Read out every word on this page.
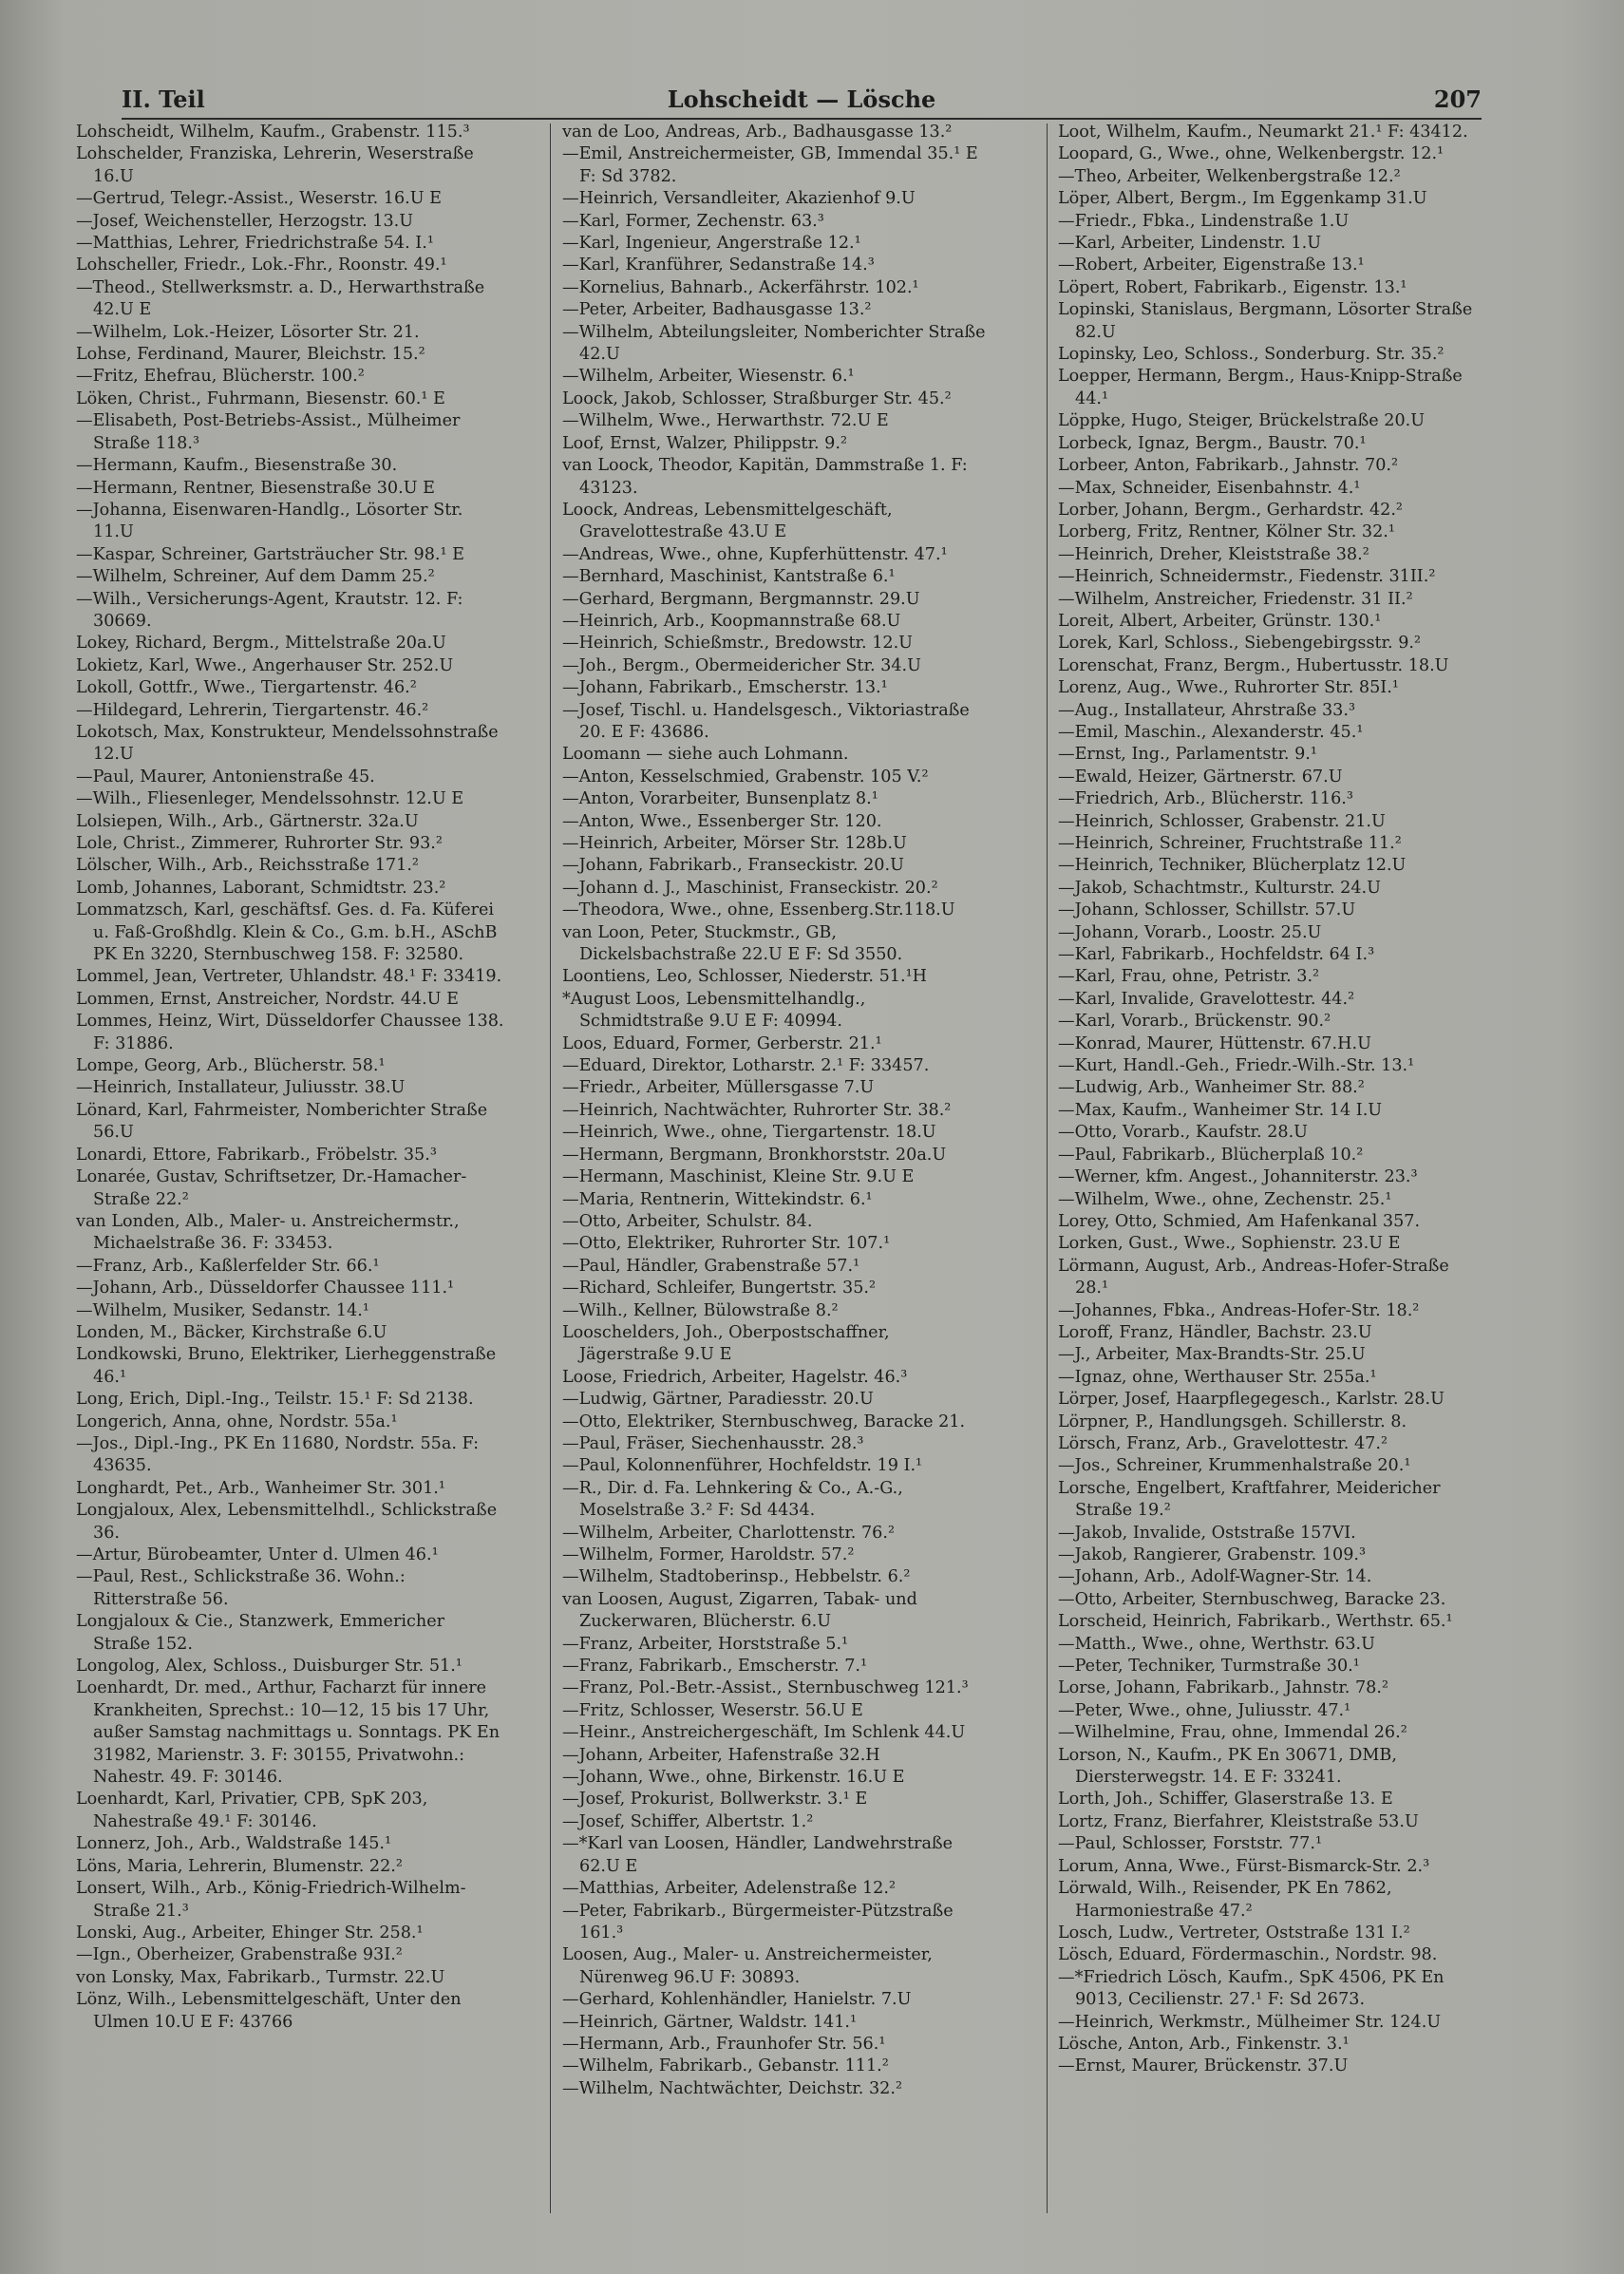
II. Teil	Lohscheidt — Lösche	207
Lohscheidt, Wilhelm, Kaufm., Grabenstr. 115.³
Lohschelder, Franziska, Lehrerin, Weserstraße 16.U
—Gertrud, Telegr.-Assist., Weserstr. 16.U E
—Josef, Weichensteller, Herzogstr. 13.U
—Matthias, Lehrer, Friedrichstraße 54. I.¹
Lohscheller, Friedr., Lok.-Fhr., Roonstr. 49.¹
—Theod., Stellwerksmstr. a. D., Herwarthstraße 42.U E
—Wilhelm, Lok.-Heizer, Lösorter Str. 21.
Lohse, Ferdinand, Maurer, Bleichstr. 15.²
—Fritz, Ehefrau, Blücherstr. 100.²
Löken, Christ., Fuhrmann, Biesenstr. 60.¹ E
—Elisabeth, Post-Betriebs-Assist., Mülheimer Straße 118.³
—Hermann, Kaufm., Biesenstraße 30.
—Hermann, Rentner, Biesenstraße 30.U E
—Johanna, Eisenwaren-Handlg., Lösorter Str. 11.U
—Kaspar, Schreiner, Gartsträucher Str. 98.¹ E
—Wilhelm, Schreiner, Auf dem Damm 25.²
—Wilh., Versicherungs-Agent, Krautstr. 12. F: 30669.
Lokey, Richard, Bergm., Mittelstraße 20a.U
Lokietz, Karl, Wwe., Angerhauser Str. 252.U
Lokoll, Gottfr., Wwe., Tiergartenstr. 46.²
—Hildegard, Lehrerin, Tiergartenstr. 46.²
Lokotsch, Max, Konstrukteur, Mendelssohnstraße 12.U
—Paul, Maurer, Antonienstraße 45.
—Wilh., Fliesenleger, Mendelssohnstr. 12.U E
Lolsiepen, Wilh., Arb., Gärtnerstr. 32a.U
Lole, Christ., Zimmerer, Ruhrorter Str. 93.²
Lölscher, Wilh., Arb., Reichsstraße 171.²
Lomb, Johannes, Laborant, Schmidtstr. 23.²
Lommatzsch, Karl, geschäftsf. Ges. d. Fa. Küferei u. Faß-Großhdlg. Klein & Co., G.m. b.H., ASchB PK En 3220, Sternbuschweg 158. F: 32580.
Lommel, Jean, Vertreter, Uhlandstr. 48.¹ F: 33419.
Lommen, Ernst, Anstreicher, Nordstr. 44.U E
Lommes, Heinz, Wirt, Düsseldorfer Chaussee 138. F: 31886.
Lompe, Georg, Arb., Blücherstr. 58.¹
—Heinrich, Installateur, Juliusstr. 38.U
Lönard, Karl, Fahrmeister, Nomberichter Straße 56.U
Lonardi, Ettore, Fabrikarb., Fröbelstr. 35.³
Lonarée, Gustav, Schriftsetzer, Dr.-Hamacher-Straße 22.²
van Londen, Alb., Maler- u. Anstreichermstr., Michaelstraße 36. F: 33453.
—Franz, Arb., Kaßlerfelder Str. 66.¹
—Johann, Arb., Düsseldorfer Chaussee 111.¹
—Wilhelm, Musiker, Sedanstr. 14.¹
Londen, M., Bäcker, Kirchstraße 6.U
Londkowski, Bruno, Elektriker, Lierheggenstraße 46.¹
Long, Erich, Dipl.-Ing., Teilstr. 15.¹ F: Sd 2138.
Longerich, Anna, ohne, Nordstr. 55a.¹
—Jos., Dipl.-Ing., PK En 11680, Nordstr. 55a. F: 43635.
Longhardt, Pet., Arb., Wanheimer Str. 301.¹
Longjaloux, Alex, Lebensmittelhdl., Schlickstraße 36.
—Artur, Bürobeamter, Unter d. Ulmen 46.¹
—Paul, Rest., Schlickstraße 36. Wohn.: Ritterstraße 56.
Longjaloux & Cie., Stanzwerk, Emmericher Straße 152.
Longolog, Alex, Schloss., Duisburger Str. 51.¹
Loenhardt, Dr. med., Arthur, Facharzt für innere Krankheiten, Sprechst.: 10—12, 15 bis 17 Uhr, außer Samstag nachmittags u. Sonntags. PK En 31982, Marienstr. 3. F: 30155, Privatwohn.: Nahestr. 49. F: 30146.
Loenhardt, Karl, Privatier, CPB, SpK 203, Nahestraße 49.¹ F: 30146.
Lonnerz, Joh., Arb., Waldstraße 145.¹
Löns, Maria, Lehrerin, Blumenstr. 22.²
Lonsert, Wilh., Arb., König-Friedrich-Wilhelm-Straße 21.³
Lonski, Aug., Arbeiter, Ehinger Str. 258.¹
—Ign., Oberheizer, Grabenstraße 93I.²
von Lonsky, Max, Fabrikarb., Turmstr. 22.U
Lönz, Wilh., Lebensmittelgeschäft, Unter den Ulmen 10.U E F: 43766
van de Loo, Andreas, Arb., Badhausgasse 13.²
—Emil, Anstreichermeister, GB, Immendal 35.¹ E F: Sd 3782.
—Heinrich, Versandleiter, Akazienhof 9.U
—Karl, Former, Zechenstr. 63.³
—Karl, Ingenieur, Angerstraße 12.¹
—Karl, Kranführer, Sedanstraße 14.³
—Kornelius, Bahnarb., Ackerfährstr. 102.¹
—Peter, Arbeiter, Badhausgasse 13.²
—Wilhelm, Abteilungsleiter, Nomberichter Straße 42.U
—Wilhelm, Arbeiter, Wiesenstr. 6.¹
Loock, Jakob, Schlosser, Straßburger Str. 45.²
—Wilhelm, Wwe., Herwarthstr. 72.U E
Loof, Ernst, Walzer, Philippstr. 9.²
van Loock, Theodor, Kapitän, Dammstraße 1. F: 43123.
Loock, Andreas, Lebensmittelgeschäft, Gravelottestraße 43.U E
—Andreas, Wwe., ohne, Kupferhüttenstr. 47.¹
—Bernhard, Maschinist, Kantstraße 6.¹
—Gerhard, Bergmann, Bergmannstr. 29.U
—Heinrich, Arb., Koopmannstraße 68.U
—Heinrich, Schießmstr., Bredowstr. 12.U
—Joh., Bergm., Obermeidericher Str. 34.U
—Johann, Fabrikarb., Emscherstr. 13.¹
—Josef, Tischl. u. Handelsgesch., Viktoriastraße 20. E F: 43686.
Loomann — siehe auch Lohmann.
—Anton, Kesselschmied, Grabenstr. 105 V.²
—Anton, Vorarbeiter, Bunsenplatz 8.¹
—Anton, Wwe., Essenberger Str. 120.
—Heinrich, Arbeiter, Mörser Str. 128b.U
—Johann, Fabrikarb., Franseckistr. 20.U
—Johann d. J., Maschinist, Franseckistr. 20.²
—Theodora, Wwe., ohne, Essenberg.Str.118.U
van Loon, Peter, Stuckmstr., GB, Dickelsbachstraße 22.U E F: Sd 3550.
Loontiens, Leo, Schlosser, Niederstr. 51.¹H
*August Loos, Lebensmittelhandlg., Schmidtstraße 9.U E F: 40994.
Loos, Eduard, Former, Gerberstr. 21.¹
—Eduard, Direktor, Lotharstr. 2.¹ F: 33457.
—Friedr., Arbeiter, Müllersgasse 7.U
—Heinrich, Nachtwächter, Ruhrorter Str. 38.²
—Heinrich, Wwe., ohne, Tiergartenstr. 18.U
—Hermann, Bergmann, Bronkhorststr. 20a.U
—Hermann, Maschinist, Kleine Str. 9.U E
—Maria, Rentnerin, Wittekindstr. 6.¹
—Otto, Arbeiter, Schulstr. 84.
—Otto, Elektriker, Ruhrorter Str. 107.¹
—Paul, Händler, Grabenstraße 57.¹
—Richard, Schleifer, Bungertstr. 35.²
—Wilh., Kellner, Bülowstraße 8.²
Looschelders, Joh., Oberpostschaffner, Jägerstraße 9.U E
Loose, Friedrich, Arbeiter, Hagelstr. 46.³
—Ludwig, Gärtner, Paradiesstr. 20.U
—Otto, Elektriker, Sternbuschweg, Baracke 21.
—Paul, Fräser, Siechenhausstr. 28.³
—Paul, Kolonnenführer, Hochfeldstr. 19 I.¹
—R., Dir. d. Fa. Lehnkering & Co., A.-G., Moselstraße 3.² F: Sd 4434.
—Wilhelm, Arbeiter, Charlottenstr. 76.²
—Wilhelm, Former, Haroldstr. 57.²
—Wilhelm, Stadtoberinsp., Hebbelstr. 6.²
van Loosen, August, Zigarren, Tabak- und Zuckerwaren, Blücherstr. 6.U
—Franz, Arbeiter, Horststraße 5.¹
—Franz, Fabrikarb., Emscherstr. 7.¹
—Franz, Pol.-Betr.-Assist., Sternbuschweg 121.³
—Fritz, Schlosser, Weserstr. 56.U E
—Heinr., Anstreichergeschäft, Im Schlenk 44.U
—Johann, Arbeiter, Hafenstraße 32.H
—Johann, Wwe., ohne, Birkenstr. 16.U E
—Josef, Prokurist, Bollwerkstr. 3.¹ E
—Josef, Schiffer, Albertstr. 1.²
—*Karl van Loosen, Händler, Landwehrstraße 62.U E
—Matthias, Arbeiter, Adelenstraße 12.²
—Peter, Fabrikarb., Bürgermeister-Pützstraße 161.³
Loosen, Aug., Maler- u. Anstreichermeister, Nürenweg 96.U F: 30893.
—Gerhard, Kohlenhändler, Hanielstr. 7.U
—Heinrich, Gärtner, Waldstr. 141.¹
—Hermann, Arb., Fraunhofer Str. 56.¹
—Wilhelm, Fabrikarb., Gebanstr. 111.²
—Wilhelm, Nachtwächter, Deichstr. 32.²
Loot, Wilhelm, Kaufm., Neumarkt 21.¹ F: 43412.
Loopard, G., Wwe., ohne, Welkenbergstr. 12.¹
—Theo, Arbeiter, Welkenbergstraße 12.²
Löper, Albert, Bergm., Im Eggenkamp 31.U
—Friedr., Fbka., Lindenstraße 1.U
—Karl, Arbeiter, Lindenstr. 1.U
—Robert, Arbeiter, Eigenstraße 13.¹
Löpert, Robert, Fabrikarb., Eigenstr. 13.¹
Lopinski, Stanislaus, Bergmann, Lösorter Straße 82.U
Lopinsky, Leo, Schloss., Sonderburg. Str. 35.²
Loepper, Hermann, Bergm., Haus-Knipp-Straße 44.¹
Löppke, Hugo, Steiger, Brückelstraße 20.U
Lorbeck, Ignaz, Bergm., Baustr. 70.¹
Lorbeer, Anton, Fabrikarb., Jahnstr. 70.²
—Max, Schneider, Eisenbahnstr. 4.¹
Lorber, Johann, Bergm., Gerhardstr. 42.²
Lorberg, Fritz, Rentner, Kölner Str. 32.¹
—Heinrich, Dreher, Kleiststraße 38.²
—Heinrich, Schneidermstr., Fiedenstr. 31II.²
—Wilhelm, Anstreicher, Friedenstr. 31 II.²
Loreit, Albert, Arbeiter, Grünstr. 130.¹
Lorek, Karl, Schloss., Siebengebirgsstr. 9.²
Lorenschat, Franz, Bergm., Hubertusstr. 18.U
Lorenz, Aug., Wwe., Ruhrorter Str. 85I.¹
—Aug., Installateur, Ahrstraße 33.³
—Emil, Maschin., Alexanderstr. 45.¹
—Ernst, Ing., Parlamentstr. 9.¹
—Ewald, Heizer, Gärtnerstr. 67.U
—Friedrich, Arb., Blücherstr. 116.³
—Heinrich, Schlosser, Grabenstr. 21.U
—Heinrich, Schreiner, Fruchtstraße 11.²
—Heinrich, Techniker, Blücherplatz 12.U
—Jakob, Schachtmstr., Kulturstr. 24.U
—Johann, Schlosser, Schillstr. 57.U
—Johann, Vorarb., Loostr. 25.U
—Karl, Fabrikarb., Hochfeldstr. 64 I.³
—Karl, Frau, ohne, Petristr. 3.²
—Karl, Invalide, Gravelottestr. 44.²
—Karl, Vorarb., Brückenstr. 90.²
—Konrad, Maurer, Hüttenstr. 67.H.U
—Kurt, Handl.-Geh., Friedr.-Wilh.-Str. 13.¹
—Ludwig, Arb., Wanheimer Str. 88.²
—Max, Kaufm., Wanheimer Str. 14 I.U
—Otto, Vorarb., Kaufstr. 28.U
—Paul, Fabrikarb., Blücherplaß 10.²
—Werner, kfm. Angest., Johanniterstr. 23.³
—Wilhelm, Wwe., ohne, Zechenstr. 25.¹
Lorey, Otto, Schmied, Am Hafenkanal 357.
Lorken, Gust., Wwe., Sophienstr. 23.U E
Lörmann, August, Arb., Andreas-Hofer-Straße 28.¹
—Johannes, Fbka., Andreas-Hofer-Str. 18.²
Loroff, Franz, Händler, Bachstr. 23.U
—J., Arbeiter, Max-Brandts-Str. 25.U
—Ignaz, ohne, Werthauser Str. 255a.¹
Lörper, Josef, Haarpflegegesch., Karlstr. 28.U
Lörpner, P., Handlungsgeh. Schillerstr. 8.
Lörsch, Franz, Arb., Gravelottestr. 47.²
—Jos., Schreiner, Krummenhalstraße 20.¹
Lorsche, Engelbert, Kraftfahrer, Meidericher Straße 19.²
—Jakob, Invalide, Oststraße 157VI.
—Jakob, Rangierer, Grabenstr. 109.³
—Johann, Arb., Adolf-Wagner-Str. 14.
—Otto, Arbeiter, Sternbuschweg, Baracke 23.
Lorscheid, Heinrich, Fabrikarb., Werthstr. 65.¹
—Matth., Wwe., ohne, Werthstr. 63.U
—Peter, Techniker, Turmstraße 30.¹
Lorse, Johann, Fabrikarb., Jahnstr. 78.²
—Peter, Wwe., ohne, Juliusstr. 47.¹
—Wilhelmine, Frau, ohne, Immendal 26.²
Lorson, N., Kaufm., PK En 30671, DMB, Diersterwegstr. 14. E F: 33241.
Lorth, Joh., Schiffer, Glaserstraße 13. E
Lortz, Franz, Bierfahrer, Kleiststraße 53.U
—Paul, Schlosser, Forststr. 77.¹
Lorum, Anna, Wwe., Fürst-Bismarck-Str. 2.³
Lörwald, Wilh., Reisender, PK En 7862, Harmoniestraße 47.²
Losch, Ludw., Vertreter, Oststraße 131 I.²
Lösch, Eduard, Fördermaschin., Nordstr. 98.
—*Friedrich Lösch, Kaufm., SpK 4506, PK En 9013, Cecilienstr. 27.¹ F: Sd 2673.
—Heinrich, Werkmstr., Mülheimer Str. 124.U
Lösche, Anton, Arb., Finkenstr. 3.¹
—Ernst, Maurer, Brückenstr. 37.U
